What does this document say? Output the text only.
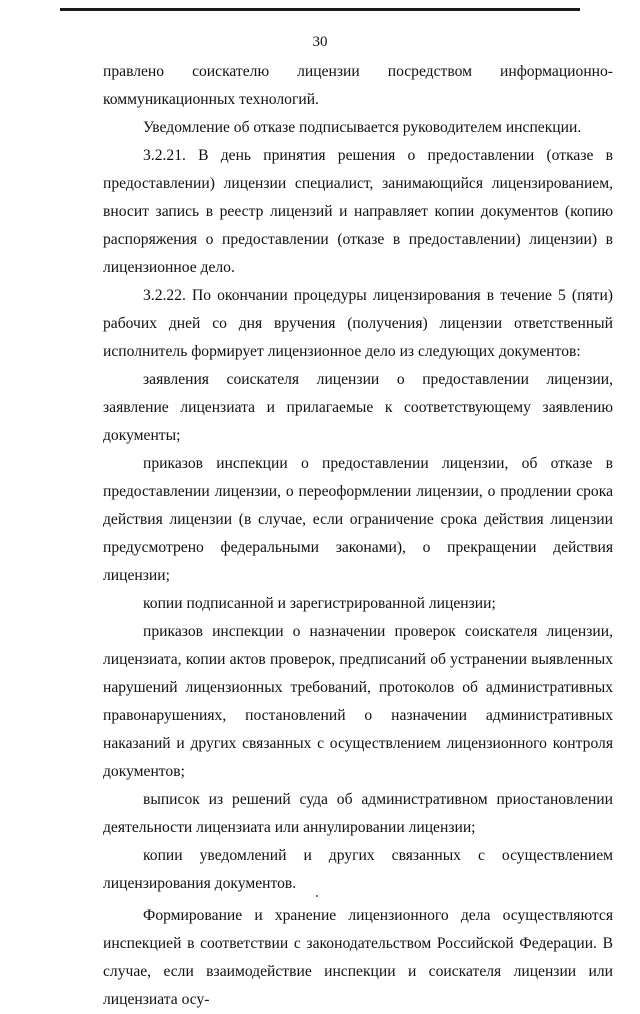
30

правлено соискателю лицензии посредством информационно-коммуникационных технологий.

Уведомление об отказе подписывается руководителем инспекции.

3.2.21. В день принятия решения о предоставлении (отказе в предоставлении) лицензии специалист, занимающийся лицензированием, вносит запись в реестр лицензий и направляет копии документов (копию распоряжения о предоставлении (отказе в предоставлении) лицензии) в лицензионное дело.

3.2.22. По окончании процедуры лицензирования в течение 5 (пяти) рабочих дней со дня вручения (получения) лицензии ответственный исполнитель формирует лицензионное дело из следующих документов:

заявления соискателя лицензии о предоставлении лицензии, заявление лицензиата и прилагаемые к соответствующему заявлению документы;

приказов инспекции о предоставлении лицензии, об отказе в предоставлении лицензии, о переоформлении лицензии, о продлении срока действия лицензии (в случае, если ограничение срока действия лицензии предусмотрено федеральными законами), о прекращении действия лицензии;

копии подписанной и зарегистрированной лицензии;

приказов инспекции о назначении проверок соискателя лицензии, лицензиата, копии актов проверок, предписаний об устранении выявленных нарушений лицензионных требований, протоколов об административных правонарушениях, постановлений о назначении административных наказаний и других связанных с осуществлением лицензионного контроля документов;

выписок из решений суда об административном приостановлении деятельности лицензиата или аннулировании лицензии;

копии уведомлений и других связанных с осуществлением лицензирования документов.

Формирование и хранение лицензионного дела осуществляются инспекцией в соответствии с законодательством Российской Федерации. В случае, если взаимодействие инспекции и соискателя лицензии или лицензиата осу-
